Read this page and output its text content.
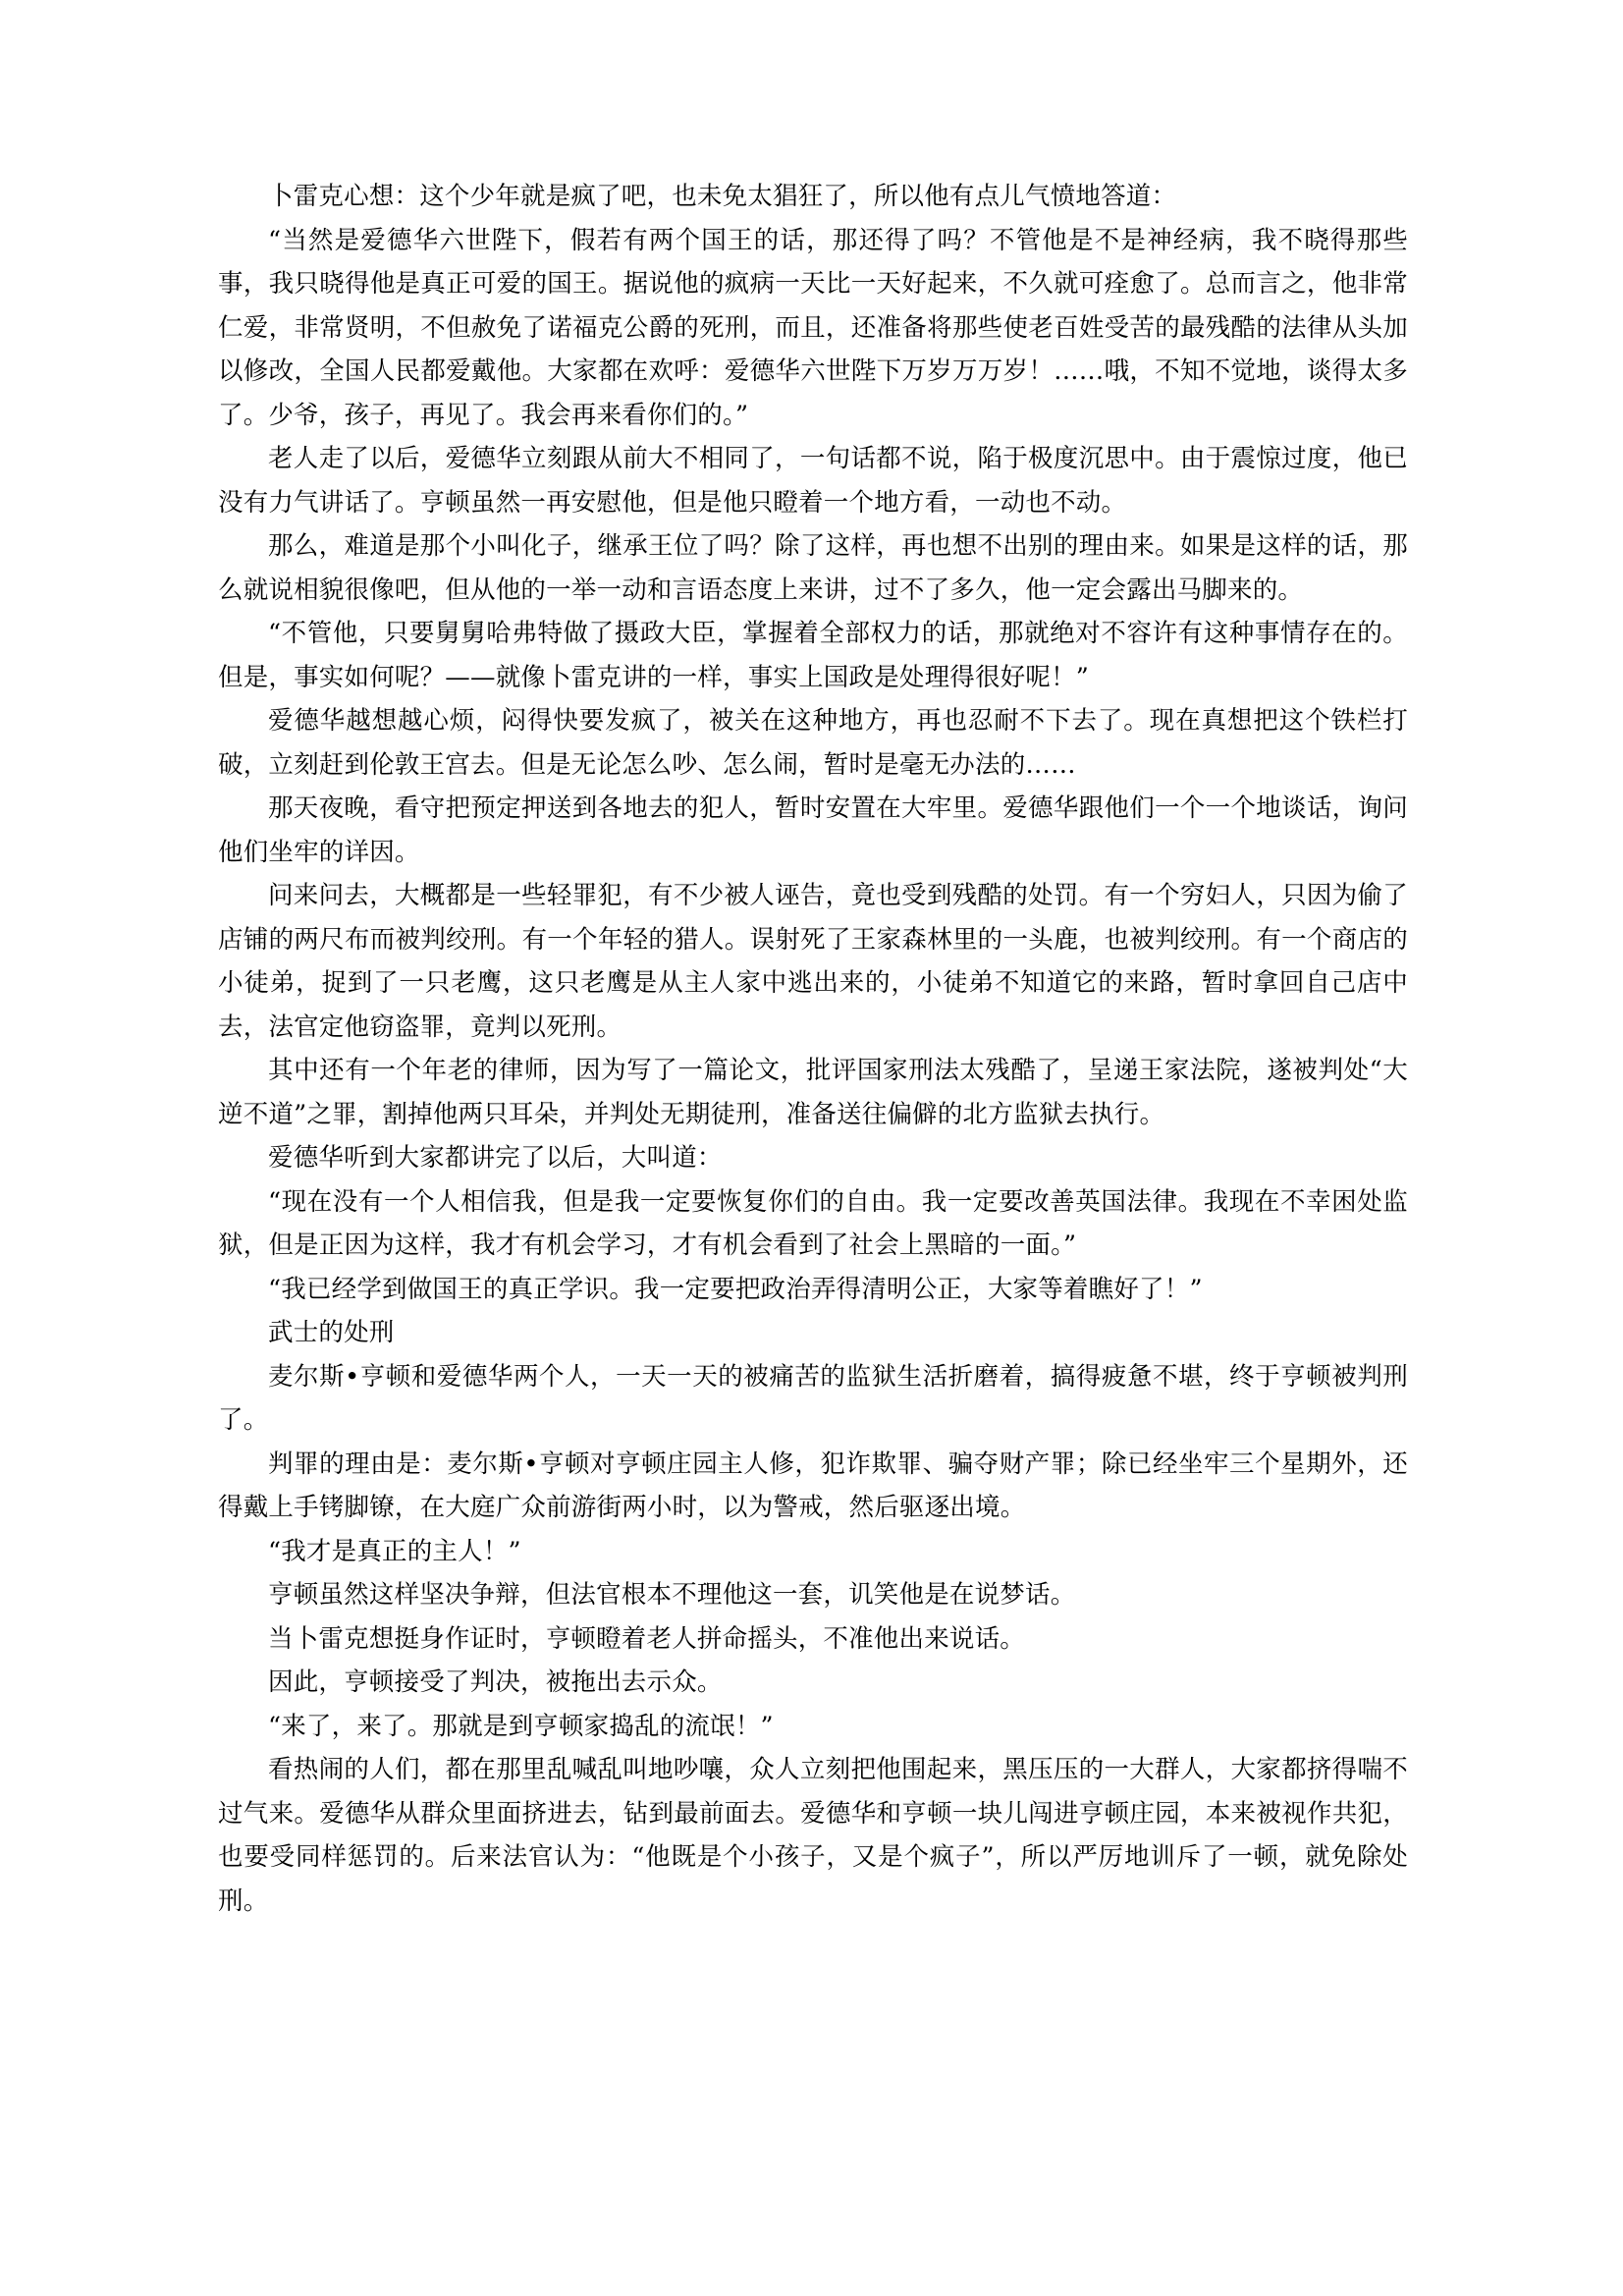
卜雷克心想：这个少年就是疯了吧，也未免太猖狂了，所以他有点儿气愤地答道：

“当然是爱德华六世陛下，假若有两个国王的话，那还得了吗？不管他是不是神经病，我不晓得那些事，我只晓得他是真正可爱的国王。据说他的疯病一天比一天好起来，不久就可痊愈了。总而言之，他非常仁爱，非常贤明，不但赦免了诺福克公爵的死刑，而且，还准备将那些使老百姓受苦的最残酷的法律从头加以修改，全国人民都爱戴他。大家都在欢呼：爱德华六世陛下万岁万万岁！……哦，不知不觉地，谈得太多了。少爷，孩子，再见了。我会再来看你们的。”

老人走了以后，爱德华立刻跟从前大不相同了，一句话都不说，陷于极度沉思中。由于震惊过度，他已没有力气讲话了。亨顿虽然一再安慰他，但是他只瞪着一个地方看，一动也不动。

那么，难道是那个小叫化子，继承王位了吗？除了这样，再也想不出别的理由来。如果是这样的话，那么就说相貌很像吧，但从他的一举一动和言语态度上来讲，过不了多久，他一定会露出马脚来的。

“不管他，只要舅舅哈弗特做了摄政大臣，掌握着全部权力的话，那就绝对不容许有这种事情存在的。但是，事实如何呢？——就像卜雷克讲的一样，事实上国政是处理得很好呢！”

爱德华越想越心烦，闷得快要发疯了，被关在这种地方，再也忍耐不下去了。现在真想把这个铁栏打破，立刻赶到伦敦王宫去。但是无论怎么吵、怎么闹，暂时是毫无办法的……

那天夜晚，看守把预定押送到各地去的犯人，暂时安置在大牢里。爱德华跟他们一个一个地谈话，询问他们坐牢的详因。

问来问去，大概都是一些轻罪犯，有不少被人诬告，竟也受到残酷的处罚。有一个穷妇人，只因为偷了店铺的两尺布而被判绞刑。有一个年轻的猎人。误射死了王家森林里的一头鹿，也被判绞刑。有一个商店的小徒弟，捉到了一只老鹰，这只老鹰是从主人家中逃出来的，小徒弟不知道它的来路，暂时拿回自己店中去，法官定他窃盗罪，竟判以死刑。

其中还有一个年老的律师，因为写了一篇论文，批评国家刑法太残酷了，呈递王家法院，遂被判处“大逆不道”之罪，割掉他两只耳朵，并判处无期徒刑，准备送往偏僻的北方监狱去执行。

爱德华听到大家都讲完了以后，大叫道：

“现在没有一个人相信我，但是我一定要恢复你们的自由。我一定要改善英国法律。我现在不幸困处监狱，但是正因为这样，我才有机会学习，才有机会看到了社会上黑暗的一面。”

“我已经学到做国王的真正学识。我一定要把政治弄得清明公正，大家等着瞧好了！”

武士的处刑

麦尔斯•亨顿和爱德华两个人，一天一天的被痛苦的监狱生活折磨着，搞得疲惫不堪，终于亨顿被判刑了。

判罪的理由是：麦尔斯•亨顿对亨顿庄园主人修，犯诈欺罪、骗夺财产罪；除已经坐牢三个星期外，还得戴上手铐脚镣，在大庭广众前游街两小时，以为警戒，然后驱逐出境。

“我才是真正的主人！”

亨顿虽然这样坚决争辩，但法官根本不理他这一套，讥笑他是在说梦话。

当卜雷克想挺身作证时，亨顿瞪着老人拼命摇头，不准他出来说话。

因此，亨顿接受了判决，被拖出去示众。

“来了，来了。那就是到亨顿家捣乱的流氓！”

看热闹的人们，都在那里乱喊乱叫地吵嚷，众人立刻把他围起来，黑压压的一大群人，大家都挤得喘不过气来。爱德华从群众里面挤进去，钻到最前面去。爱德华和亨顿一块儿闯进亨顿庄园，本来被视作共犯，也要受同样惩罚的。后来法官认为：“他既是个小孩子，又是个疯子”，所以严厉地训斥了一顿，就免除处刑。
